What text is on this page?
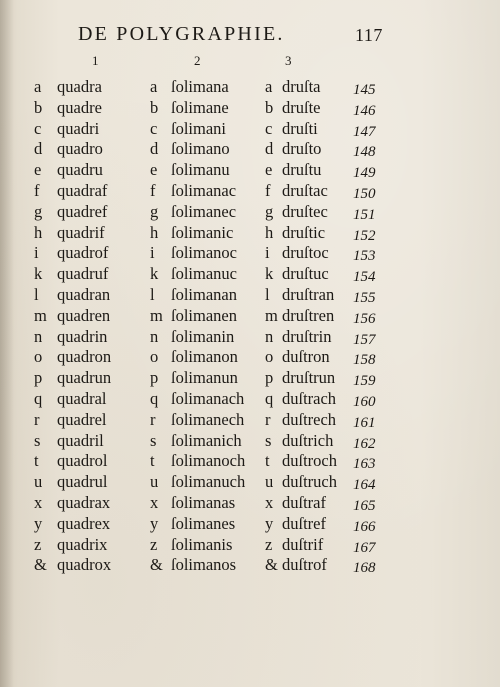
DE POLYGRAPHIE.	117
1	2	3
a quadra	a ſolimana a druſta 145
b quadre	b ſolimane b druſte 146
c quadri	c ſolimani c druſti 147
d quadro	d ſolimano d druſto 148
e quadru	e ſolimanu e druſtu 149
f quadraf	f ſolimanac f druſtac 150
g quadref	g ſolimanec g druſtec 151
h quadrif	h ſolimanic h druſtic 152
i quadrof	i ſolimanoc i druſtoc 153
k quadruf	k ſolimanuc k druſtuc 154
l quadran l ſolimanan l druſtran 155
m quadren m ſolimanen m druſtren 156
n quadrin	n ſolimanin n druſtrin 157
o quadron o ſolimanon o duſtron 158
p quadrun p ſolimanun p druſtrun 159
q quadral	q ſolimanach q duſtrach 160
r quadrel	r ſolimanech r duſtrech 161
s quadril	s ſolimanich s duſtrich 162
t quadrol	t ſolimanoch t duſtroch 163
u quadrul	u ſolimanuch u duſtruch 164
x quadrax x ſolimanas x duſtraf 165
y quadrex y ſolimanes y duſtref 166
z quadrix	z ſolimanis z duſtrif 167
& quadrox & ſolimanos & duſtrof 168
